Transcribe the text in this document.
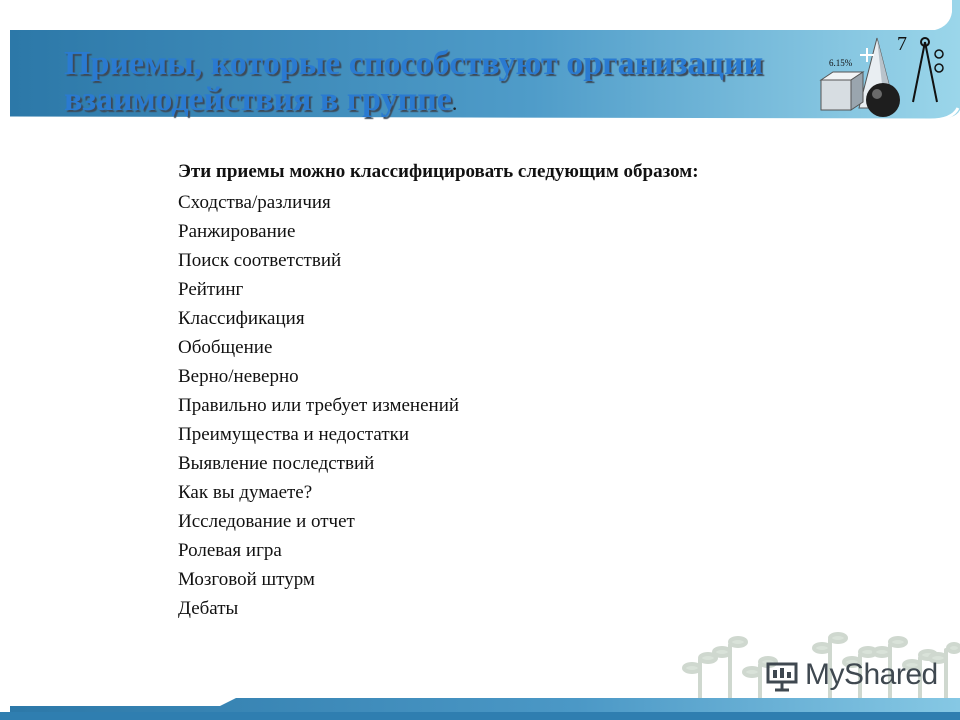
6.15%
7
Приемы, которые способствуют организации взаимодействия в группе.
Эти приемы можно классифицировать следующим образом:
Сходства/различия
Ранжирование
Поиск соответствий
Рейтинг
Классификация
Обобщение
Верно/неверно
Правильно или требует изменений
Преимущества и недостатки
Выявление последствий
Как вы думаете?
Исследование и отчет
Ролевая игра
Мозговой штурм
Дебаты
MyShared
